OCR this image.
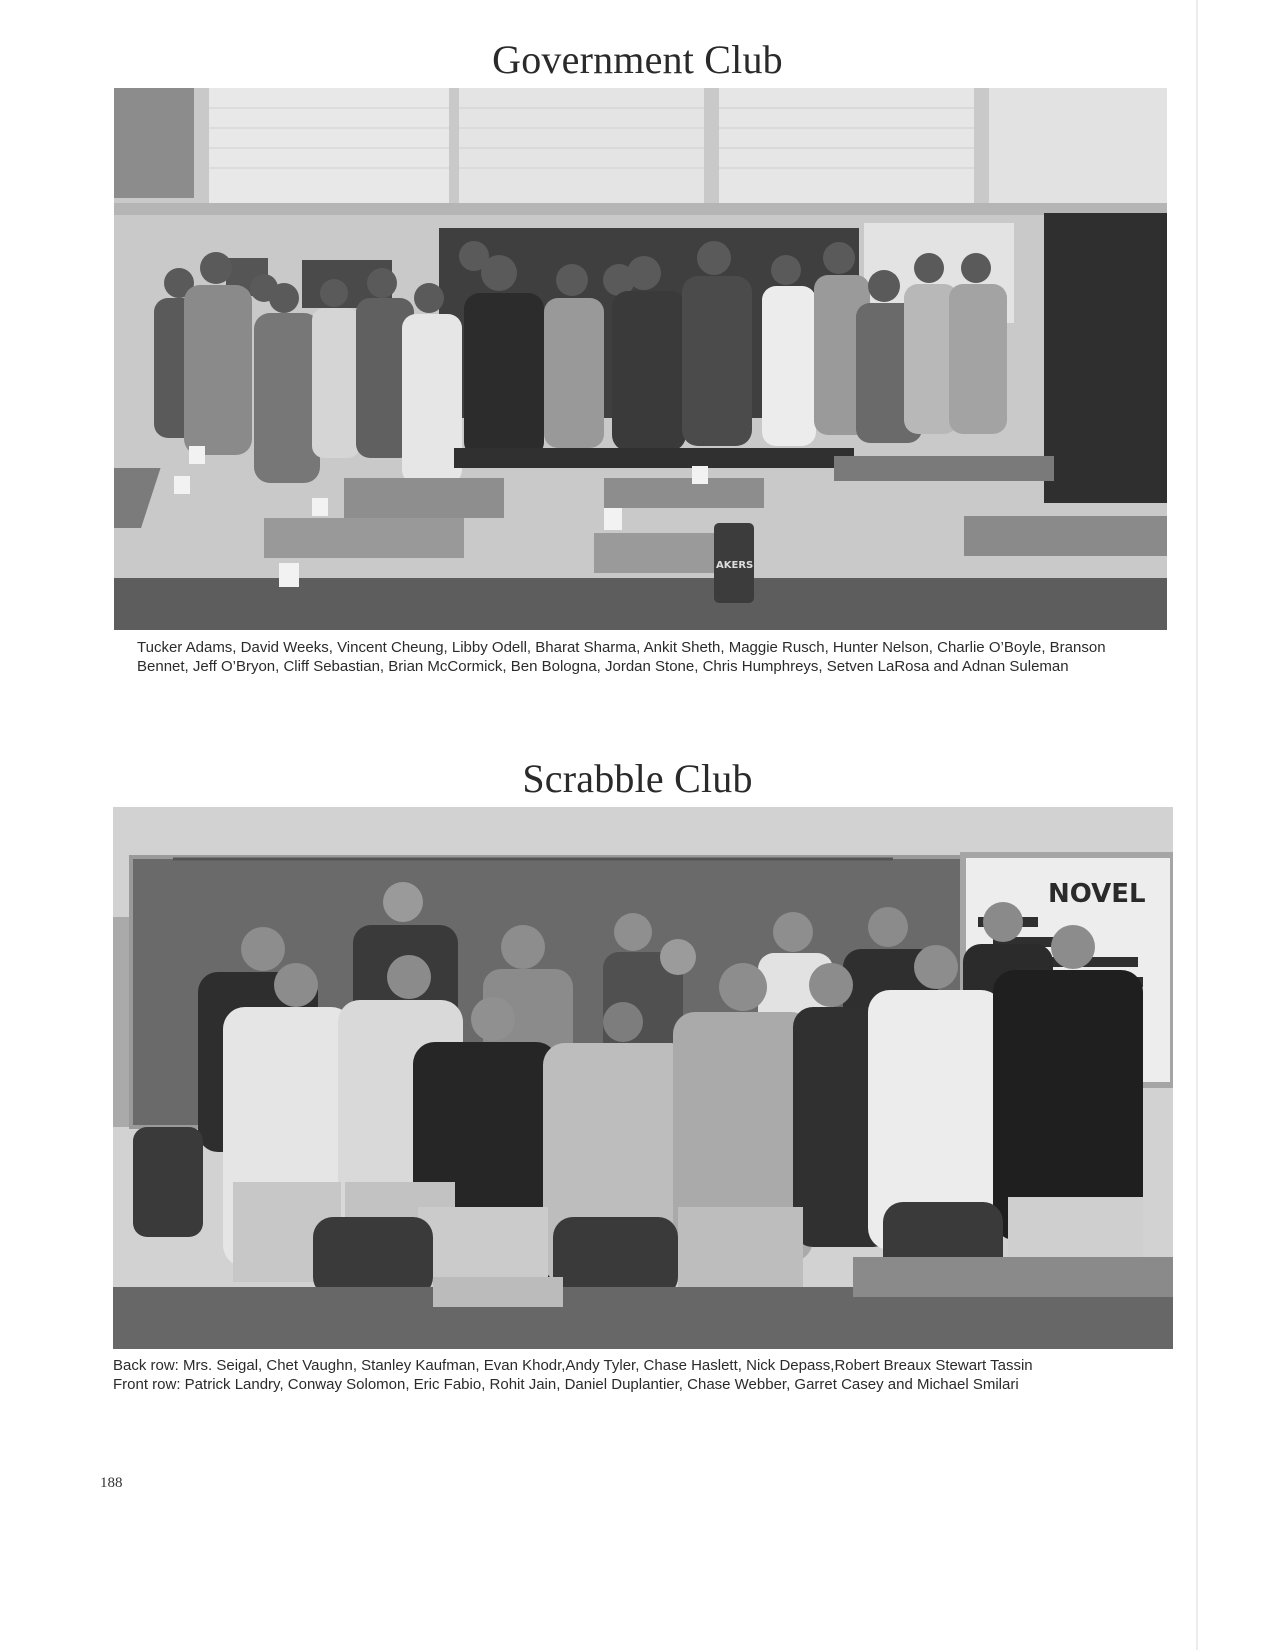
Government Club
AKERS

Tucker Adams, David Weeks, Vincent Cheung, Libby Odell, Bharat Sharma, Ankit Sheth, Maggie Rusch, Hunter Nelson, Charlie O’Boyle, Branson Bennet, Jeff O’Bryon, Cliff Sebastian, Brian McCormick, Ben Bologna, Jordan Stone, Chris Humphreys, Setven LaRosa and Adnan Suleman

Scrabble Club
NOVEL

Back row: Mrs. Seigal, Chet Vaughn, Stanley Kaufman, Evan Khodr,Andy Tyler, Chase Haslett, Nick Depass,Robert Breaux Stewart Tassin

Front row: Patrick Landry, Conway Solomon, Eric Fabio, Rohit Jain, Daniel Duplantier, Chase Webber, Garret Casey and Michael Smilari

188
